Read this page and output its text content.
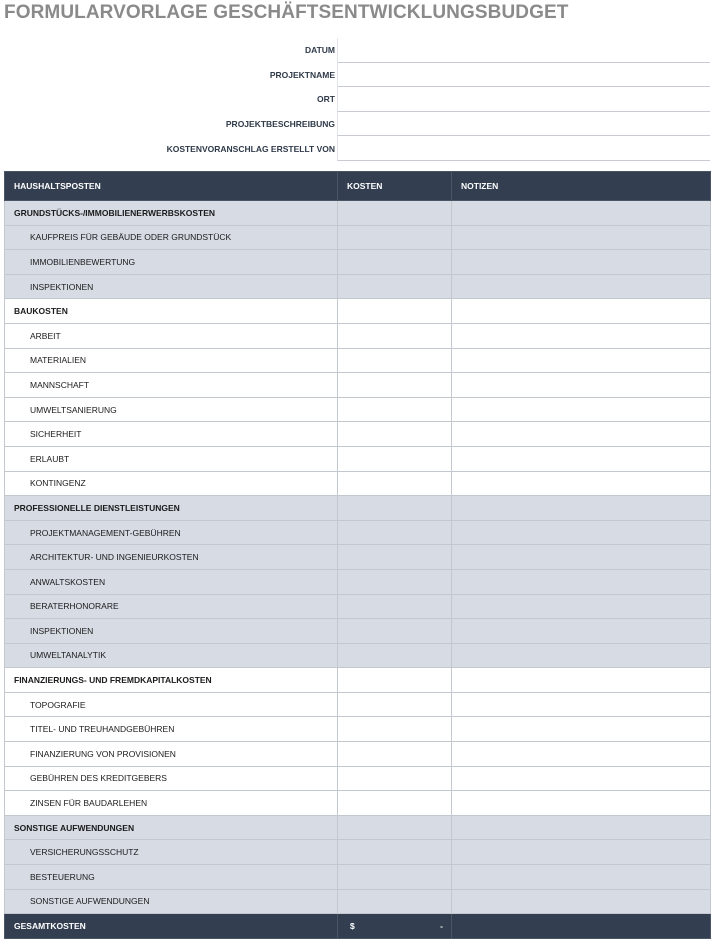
FORMULARVORLAGE GESCHÄFTSENTWICKLUNGSBUDGET
DATUM
PROJEKTNAME
ORT
PROJEKTBESCHREIBUNG
KOSTENVORANSCHLAG ERSTELLT VON
HAUSHALTSPOSTEN	KOSTEN	NOTIZEN
GRUNDSTÜCKS-/IMMOBILIENERWERBSKOSTEN		
KAUFPREIS FÜR GEBÄUDE ODER GRUNDSTÜCK		
IMMOBILIENBEWERTUNG		
INSPEKTIONEN		
BAUKOSTEN		
ARBEIT		
MATERIALIEN		
MANNSCHAFT		
UMWELTSANIERUNG		
SICHERHEIT		
ERLAUBT		
KONTINGENZ		
PROFESSIONELLE DIENSTLEISTUNGEN		
PROJEKTMANAGEMENT-GEBÜHREN		
ARCHITEKTUR- UND INGENIEURKOSTEN		
ANWALTSKOSTEN		
BERATERHONORARE		
INSPEKTIONEN		
UMWELTANALYTIK		
FINANZIERUNGS- UND FREMDKAPITALKOSTEN		
TOPOGRAFIE		
TITEL- UND TREUHANDGEBÜHREN		
FINANZIERUNG VON PROVISIONEN		
GEBÜHREN DES KREDITGEBERS		
ZINSEN FÜR BAUDARLEHEN		
SONSTIGE AUFWENDUNGEN		
VERSICHERUNGSSCHUTZ		
BESTEUERUNG		
SONSTIGE AUFWENDUNGEN		
GESAMTKOSTEN	$ -	
